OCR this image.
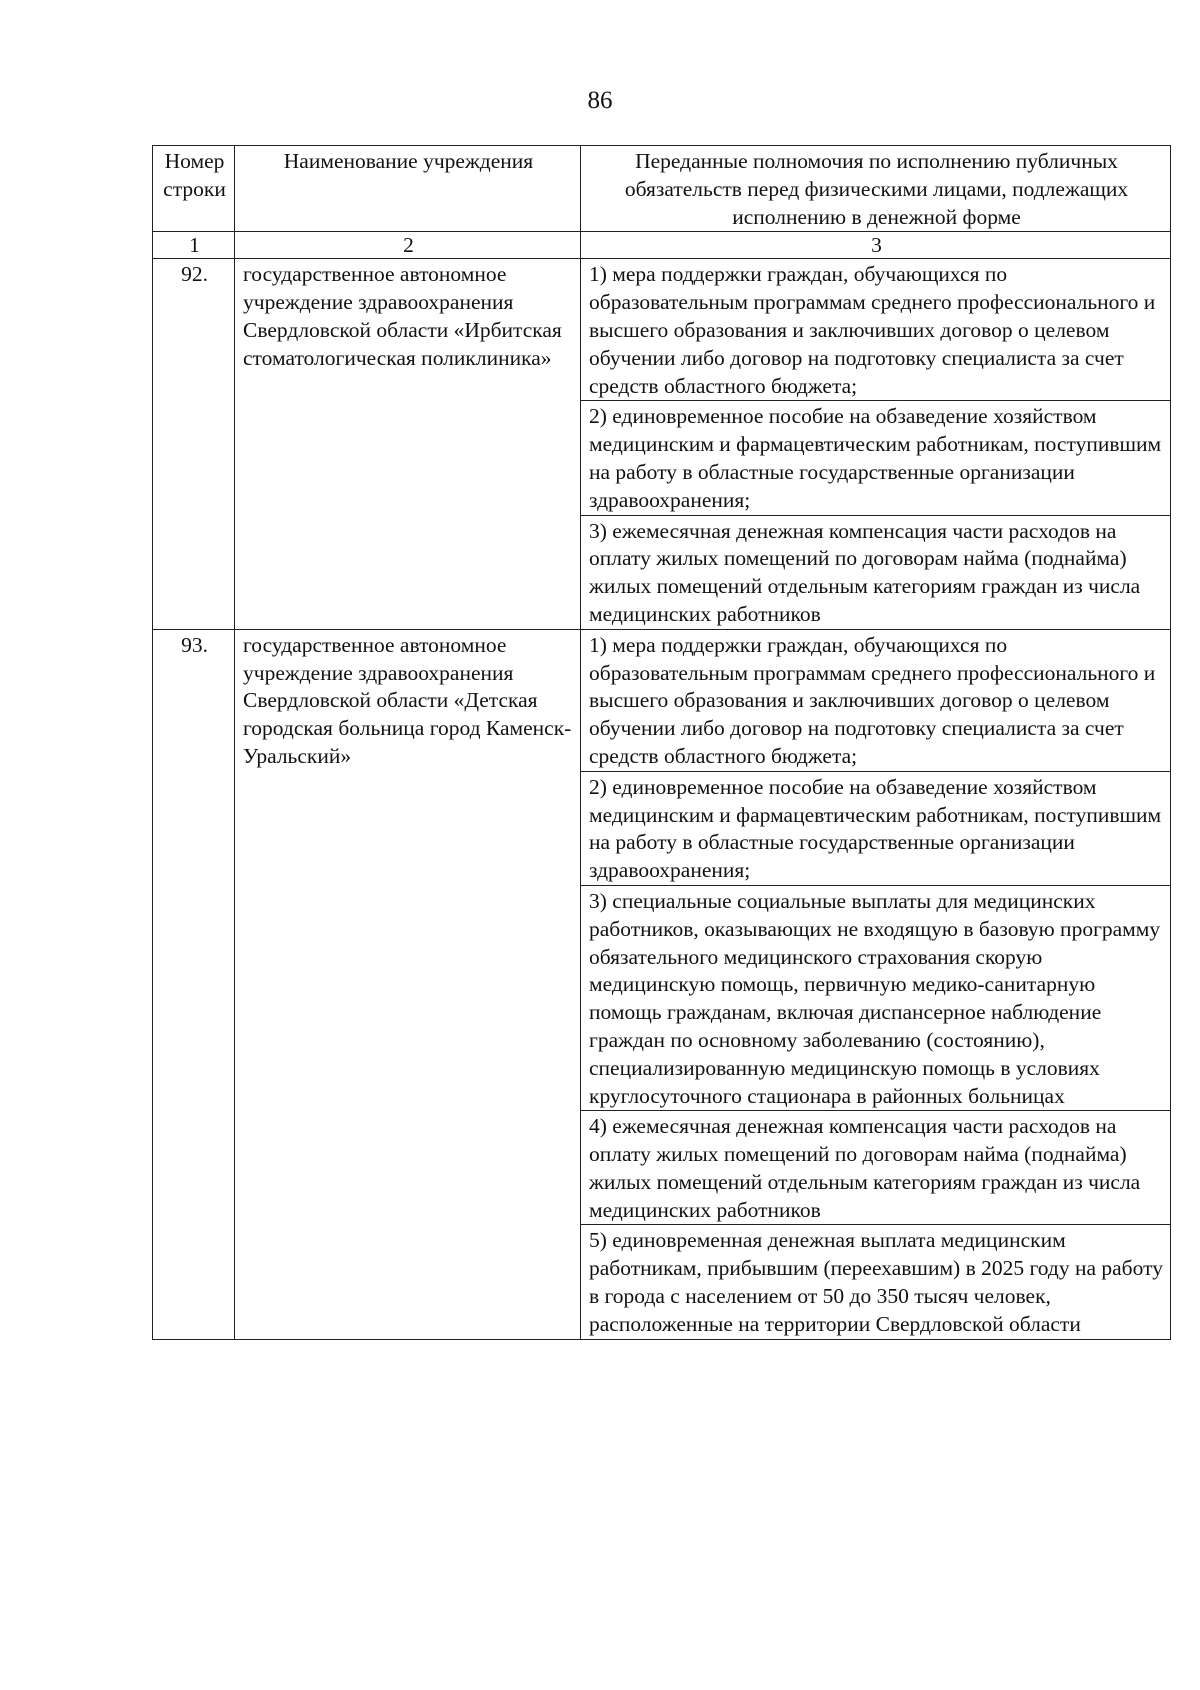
86
Номер строки	Наименование учреждения	Переданные полномочия по исполнению публичных обязательств перед физическими лицами, подлежащих исполнению в денежной форме
1	2	3
92.	государственное автономное учреждение здравоохранения Свердловской области «Ирбитская стоматологическая поликлиника»	1) мера поддержки граждан, обучающихся по образовательным программам среднего профессионального и высшего образования и заключивших договор о целевом обучении либо договор на подготовку специалиста за счет средств областного бюджета;
		2) единовременное пособие на обзаведение хозяйством медицинским и фармацевтическим работникам, поступившим на работу в областные государственные организации здравоохранения;
		3) ежемесячная денежная компенсация части расходов на оплату жилых помещений по договорам найма (поднайма) жилых помещений отдельным категориям граждан из числа медицинских работников
93.	государственное автономное учреждение здравоохранения Свердловской области «Детская городская больница город Каменск-Уральский»	1) мера поддержки граждан, обучающихся по образовательным программам среднего профессионального и высшего образования и заключивших договор о целевом обучении либо договор на подготовку специалиста за счет средств областного бюджета;
		2) единовременное пособие на обзаведение хозяйством медицинским и фармацевтическим работникам, поступившим на работу в областные государственные организации здравоохранения;
		3) специальные социальные выплаты для медицинских работников, оказывающих не входящую в базовую программу обязательного медицинского страхования скорую медицинскую помощь, первичную медико-санитарную помощь гражданам, включая диспансерное наблюдение граждан по основному заболеванию (состоянию), специализированную медицинскую помощь в условиях круглосуточного стационара в районных больницах
		4) ежемесячная денежная компенсация части расходов на оплату жилых помещений по договорам найма (поднайма) жилых помещений отдельным категориям граждан из числа медицинских работников
		5) единовременная денежная выплата медицинским работникам, прибывшим (переехавшим) в 2025 году на работу в города с населением от 50 до 350 тысяч человек, расположенные на территории Свердловской области
